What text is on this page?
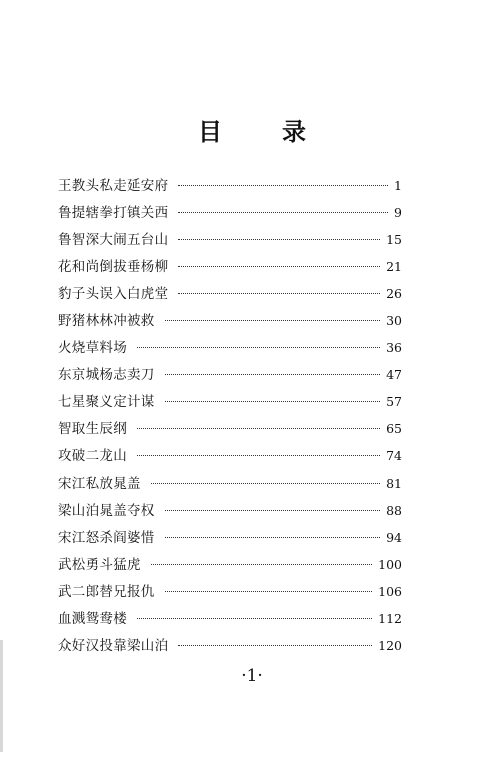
目	录
王教头私走延安府	1
鲁提辖拳打镇关西	9
鲁智深大闹五台山	15
花和尚倒拔垂杨柳	21
豹子头误入白虎堂	26
野猪林林冲被救	30
火烧草料场	36
东京城杨志卖刀	47
七星聚义定计谋	57
智取生辰纲	65
攻破二龙山	74
宋江私放晁盖	81
梁山泊晁盖夺权	88
宋江怒杀阎婆惜	94
武松勇斗猛虎	100
武二郎替兄报仇	106
血溅鸳鸯楼	112
众好汉投靠梁山泊	120
·1·
